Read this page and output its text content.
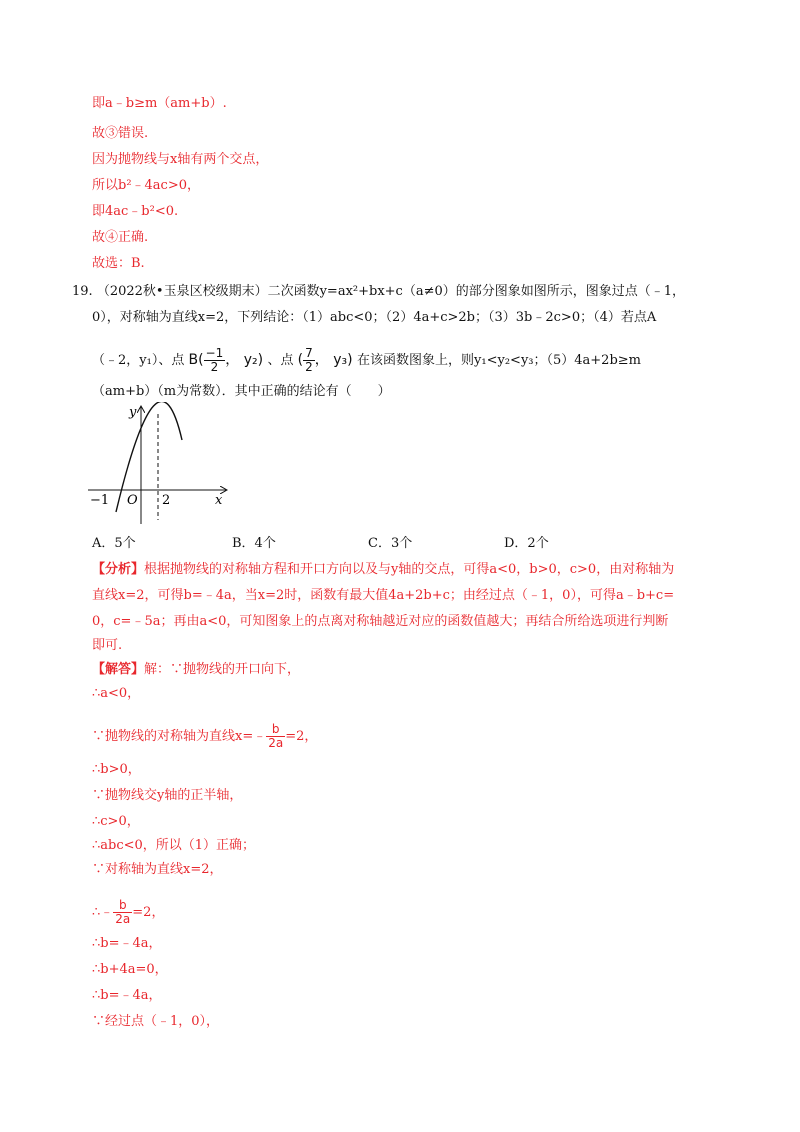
即a﹣b≥m（am+b）.
故③错误.
因为抛物线与x轴有两个交点，
所以b²﹣4ac>0，
即4ac﹣b²<0.
故④正确.
故选：B.
19. （2022秋•玉泉区校级期末）二次函数y=ax²+bx+c（a≠0）的部分图象如图所示，图象过点（﹣1，
0），对称轴为直线x=2，下列结论：（1）abc<0；（2）4a+c>2b；（3）3b﹣2c>0；（4）若点A
（﹣2，y₁）、点 $B( \frac{-1}{2}$ ， y₂) 、点 ( $\frac{7}{2}$ ， y₃) 在该函数图象上，则y₁<y₂<y₃；（5）4a+2b≥m
（am+b）（m为常数）．其中正确的结论有（　　）
y
x
O
−1	2
A．5个	B．4个	C．3个	D．2个
【分析】根据抛物线的对称轴方程和开口方向以及与y轴的交点，可得a<0，b>0，c>0，由对称轴为
直线x=2，可得b=﹣4a，当x=2时，函数有最大值4a+2b+c；由经过点（﹣1，0），可得a﹣b+c=
0，c=﹣5a；再由a<0，可知图象上的点离对称轴越近对应的函数值越大；再结合所给选项进行判断
即可.
【解答】解：∵抛物线的开口向下，
∴a<0，
∵抛物线的对称轴为直线x=﹣ $\frac{b}{2a} =2$，
∴b>0，
∵抛物线交y轴的正半轴，
∴c>0，
∴abc<0，所以（1）正确；
∵对称轴为直线x=2，
∴﹣ $\frac{b}{2a} =2$，
∴b=﹣4a，
∴b+4a=0，
∴b=﹣4a，
∵经过点（﹣1，0），
